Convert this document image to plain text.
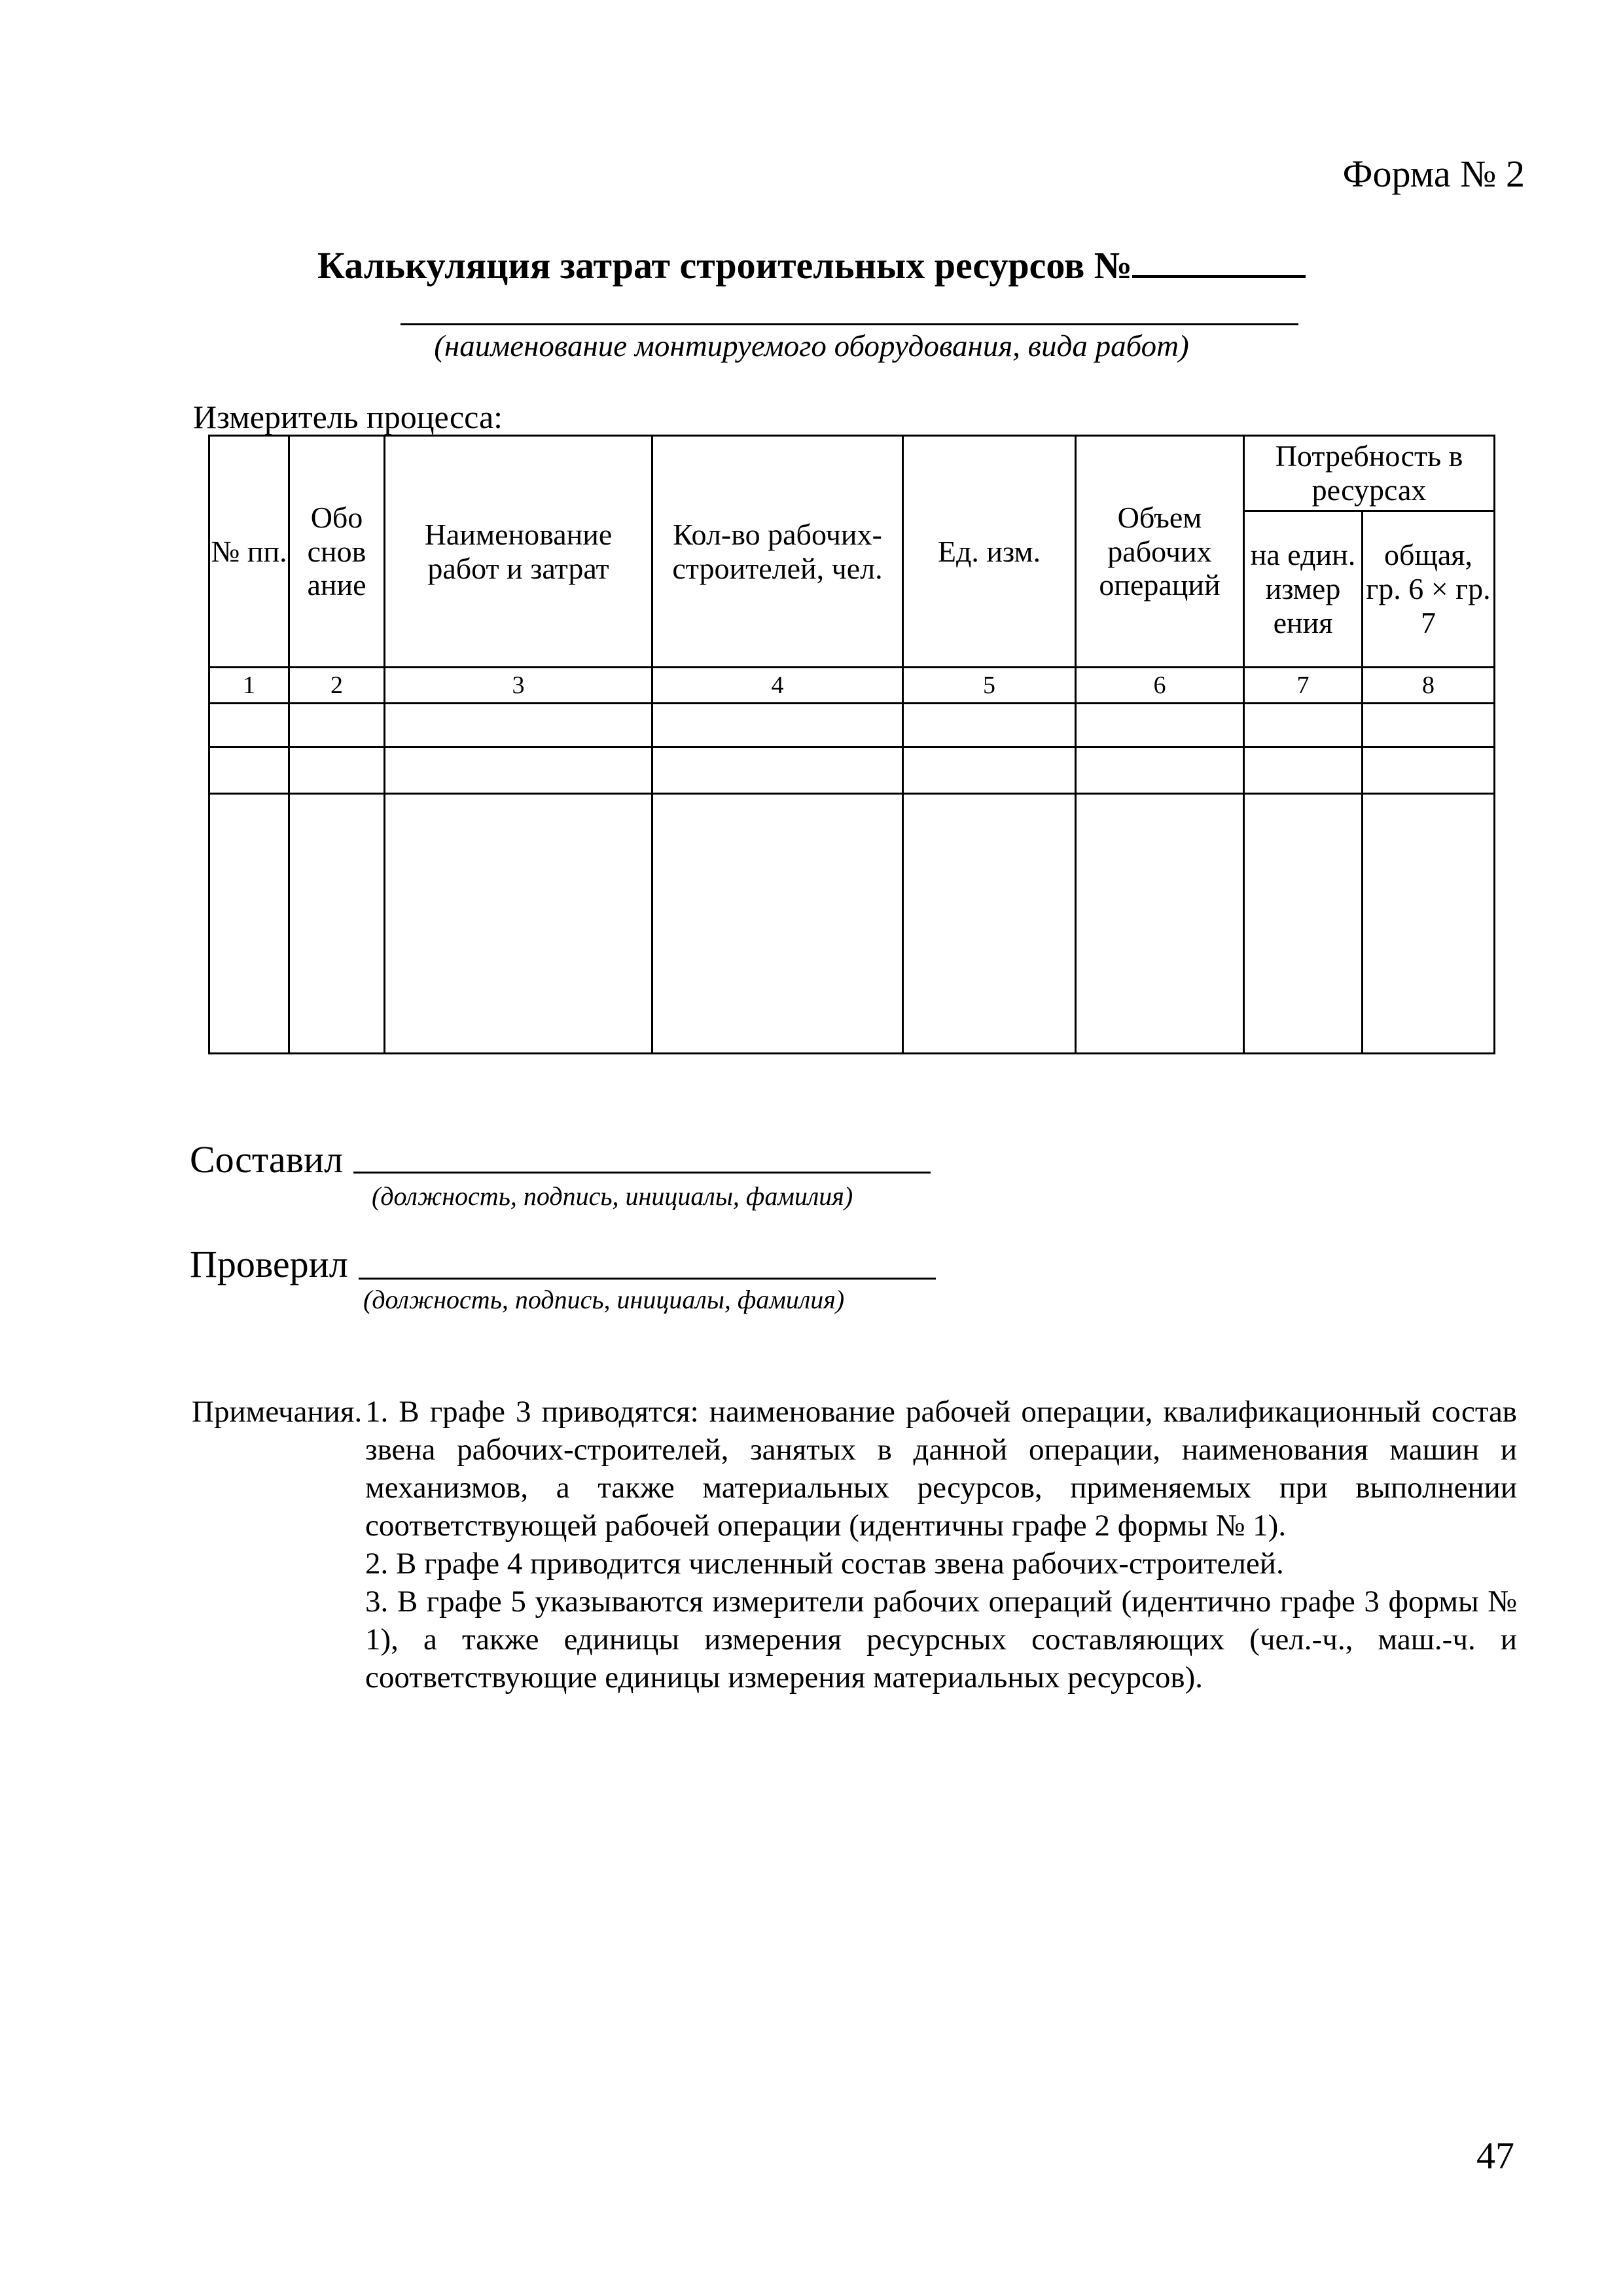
Форма № 2
Калькуляция затрат строительных ресурсов №
(наименование монтируемого оборудования, вида работ)
Измеритель процесса:
№ пп.	Обо снов ание	Наименование работ и затрат	Кол-во рабочих-строителей, чел.	Ед. изм.	Объем рабочих операций	Потребность в ресурсах	
						на един. измер ения	общая, гр. 6 × гр. 7
1	2	3	4	5	6	7	8

Составил
(должность, подпись, инициалы, фамилия)
Проверил
(должность, подпись, инициалы, фамилия)
Примечания. 1. В графе 3 приводятся: наименование рабочей операции, квалификационный состав звена рабочих-строителей, занятых в данной операции, наименования машин и механизмов, а также материальных ресурсов, применяемых при выполнении соответствующей рабочей операции (идентичны графе 2 формы № 1).

2. В графе 4 приводится численный состав звена рабочих-строителей.

3. В графе 5 указываются измерители рабочих операций (идентично графе 3 формы № 1), а также единицы измерения ресурсных составляющих (чел.-ч., маш.-ч. и соответствующие единицы измерения материальных ресурсов).

47
